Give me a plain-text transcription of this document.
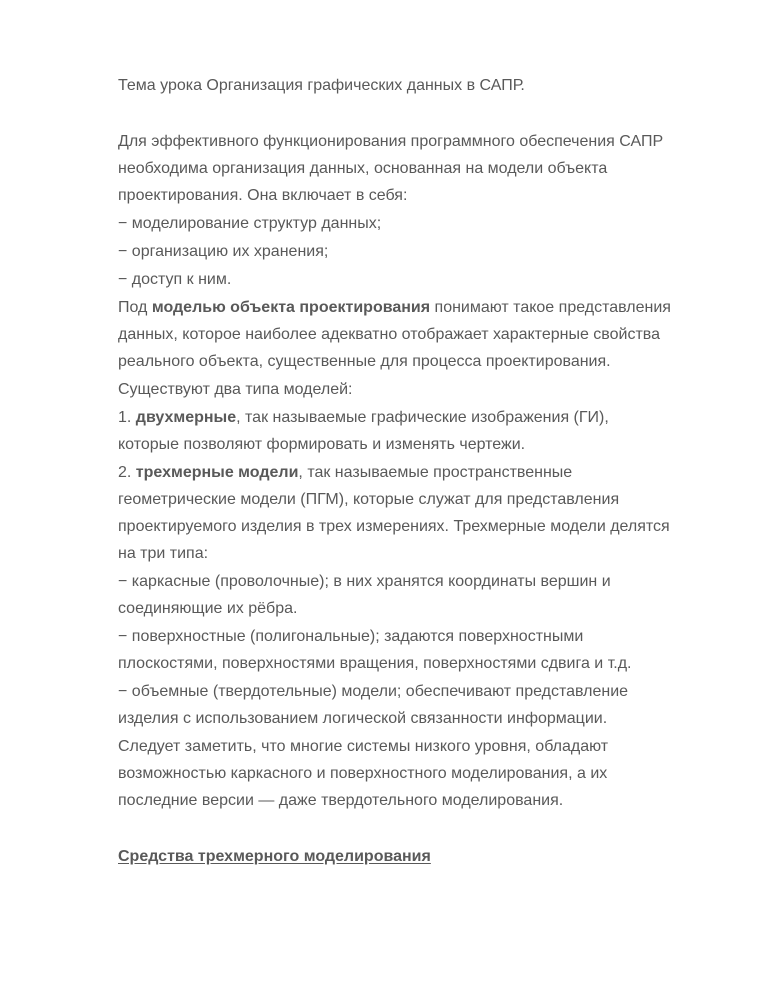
Тема урока Организация графических данных в САПР.
Для эффективного функционирования программного обеспечения САПР
необходима организация данных, основанная на модели объекта
проектирования. Она включает в себя:
− моделирование структур данных;
− организацию их хранения;
− доступ к ним.
Под моделью объекта проектирования понимают такое представления
данных, которое наиболее адекватно отображает характерные свойства
реального объекта, существенные для процесса проектирования.
Существуют два типа моделей:
1. двухмерные, так называемые графические изображения (ГИ),
которые позволяют формировать и изменять чертежи.
2. трехмерные модели, так называемые пространственные
геометрические модели (ПГМ), которые служат для представления
проектируемого изделия в трех измерениях. Трехмерные модели делятся
на три типа:
− каркасные (проволочные); в них хранятся координаты вершин и
соединяющие их рёбра.
− поверхностные (полигональные); задаются поверхностными
плоскостями, поверхностями вращения, поверхностями сдвига и т.д.
− объемные (твердотельные) модели; обеспечивают представление
изделия с использованием логической связанности информации.
Следует заметить, что многие системы низкого уровня, обладают
возможностью каркасного и поверхностного моделирования, а их
последние версии — даже твердотельного моделирования.
Средства трехмерного моделирования
